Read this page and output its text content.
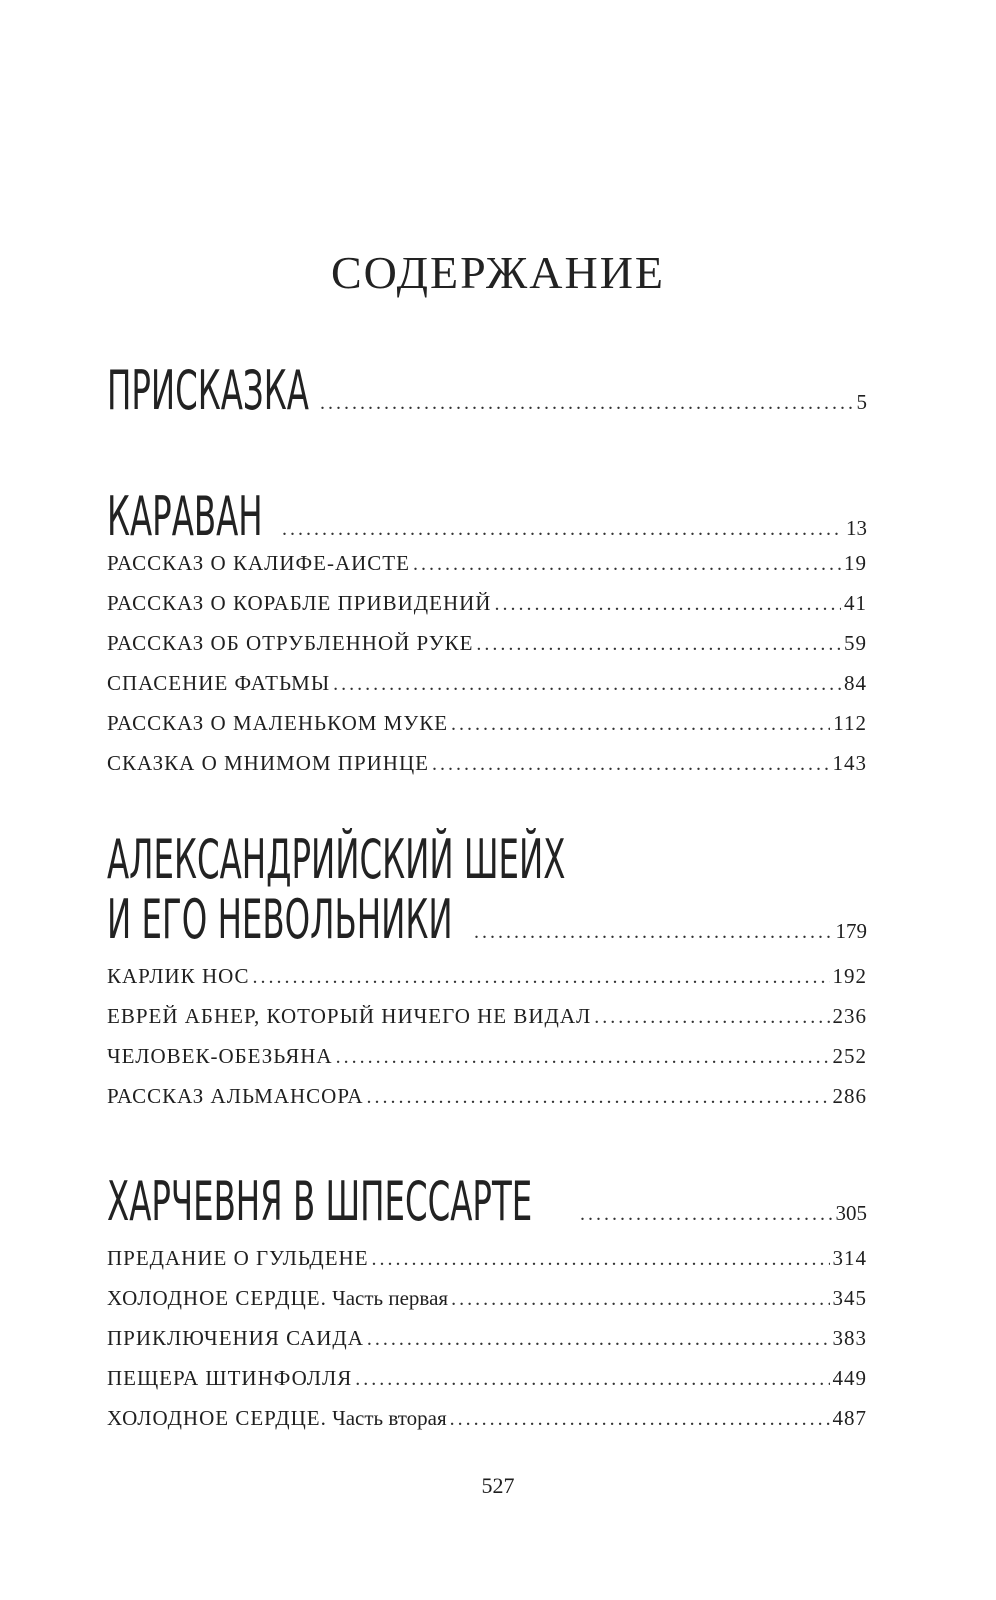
СОДЕРЖАНИЕ
ПРИСКАЗКА .....	5
КАРАВАН .....	13
РАССКАЗ О КАЛИФЕ-АИСТЕ .....	19
РАССКАЗ О КОРАБЛЕ ПРИВИДЕНИЙ .....	41
РАССКАЗ ОБ ОТРУБЛЕННОЙ РУКЕ .....	59
СПАСЕНИЕ ФАТЬМЫ .....	84
РАССКАЗ О МАЛЕНЬКОМ МУКЕ .....	112
СКАЗКА О МНИМОМ ПРИНЦЕ .....	143
АЛЕКСАНДРИЙСКИЙ ШЕЙХ
И ЕГО НЕВОЛЬНИКИ .....	179
КАРЛИК НОС .....	192
ЕВРЕЙ АБНЕР, КОТОРЫЙ НИЧЕГО НЕ ВИДАЛ .....	236
ЧЕЛОВЕК-ОБЕЗЬЯНА .....	252
РАССКАЗ АЛЬМАНСОРА .....	286
ХАРЧЕВНЯ В ШПЕССАРТЕ .....	305
ПРЕДАНИЕ О ГУЛЬДЕНЕ .....	314
ХОЛОДНОЕ СЕРДЦЕ. Часть первая .....	345
ПРИКЛЮЧЕНИЯ САИДА .....	383
ПЕЩЕРА ШТИНФОЛЛЯ .....	449
ХОЛОДНОЕ СЕРДЦЕ. Часть вторая .....	487
527
